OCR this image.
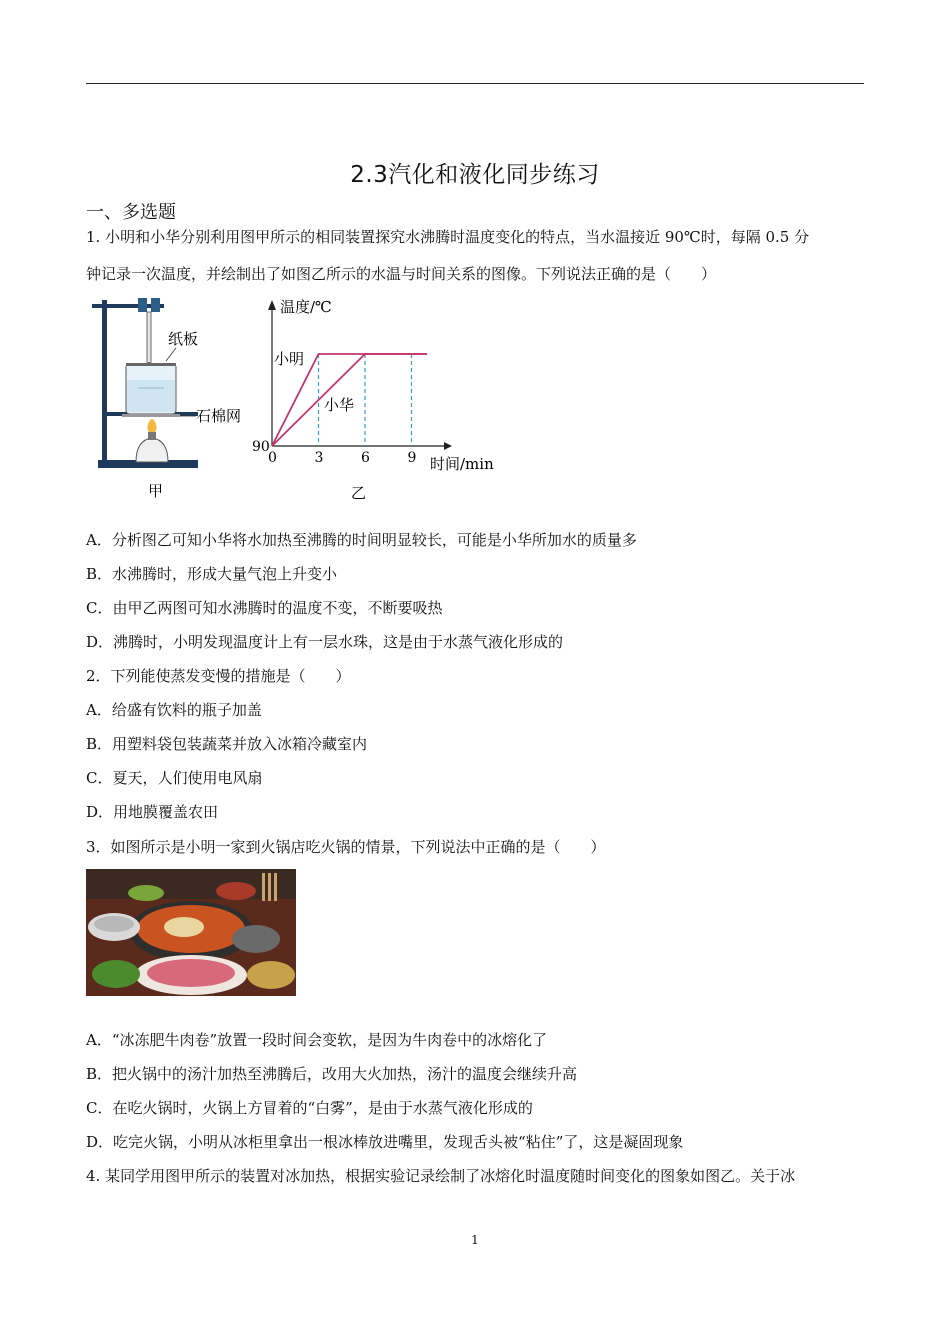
2.3汽化和液化同步练习
一、多选题
1. 小明和小华分别利用图甲所示的相同装置探究水沸腾时温度变化的特点，当水温接近 90℃时，每隔 0.5 分
钟记录一次温度，并绘制出了如图乙所示的水温与时间关系的图像。下列说法正确的是（　　）
纸板
石棉网
甲
温度/℃
时间/min
90
0	3	6	9
小明
小华
乙
A．分析图乙可知小华将水加热至沸腾的时间明显较长，可能是小华所加水的质量多
B．水沸腾时，形成大量气泡上升变小
C．由甲乙两图可知水沸腾时的温度不变，不断要吸热
D．沸腾时，小明发现温度计上有一层水珠，这是由于水蒸气液化形成的
2．下列能使蒸发变慢的措施是（　　）
A．给盛有饮料的瓶子加盖
B．用塑料袋包装蔬菜并放入冰箱冷藏室内
C．夏天，人们使用电风扇
D．用地膜覆盖农田
3．如图所示是小明一家到火锅店吃火锅的情景，下列说法中正确的是（　　）
A．“冰冻肥牛肉卷”放置一段时间会变软，是因为牛肉卷中的冰熔化了
B．把火锅中的汤汁加热至沸腾后，改用大火加热，汤汁的温度会继续升高
C．在吃火锅时，火锅上方冒着的“白雾”，是由于水蒸气液化形成的
D．吃完火锅，小明从冰柜里拿出一根冰棒放进嘴里，发现舌头被“粘住”了，这是凝固现象
4. 某同学用图甲所示的装置对冰加热，根据实验记录绘制了冰熔化时温度随时间变化的图象如图乙。关于冰
1
